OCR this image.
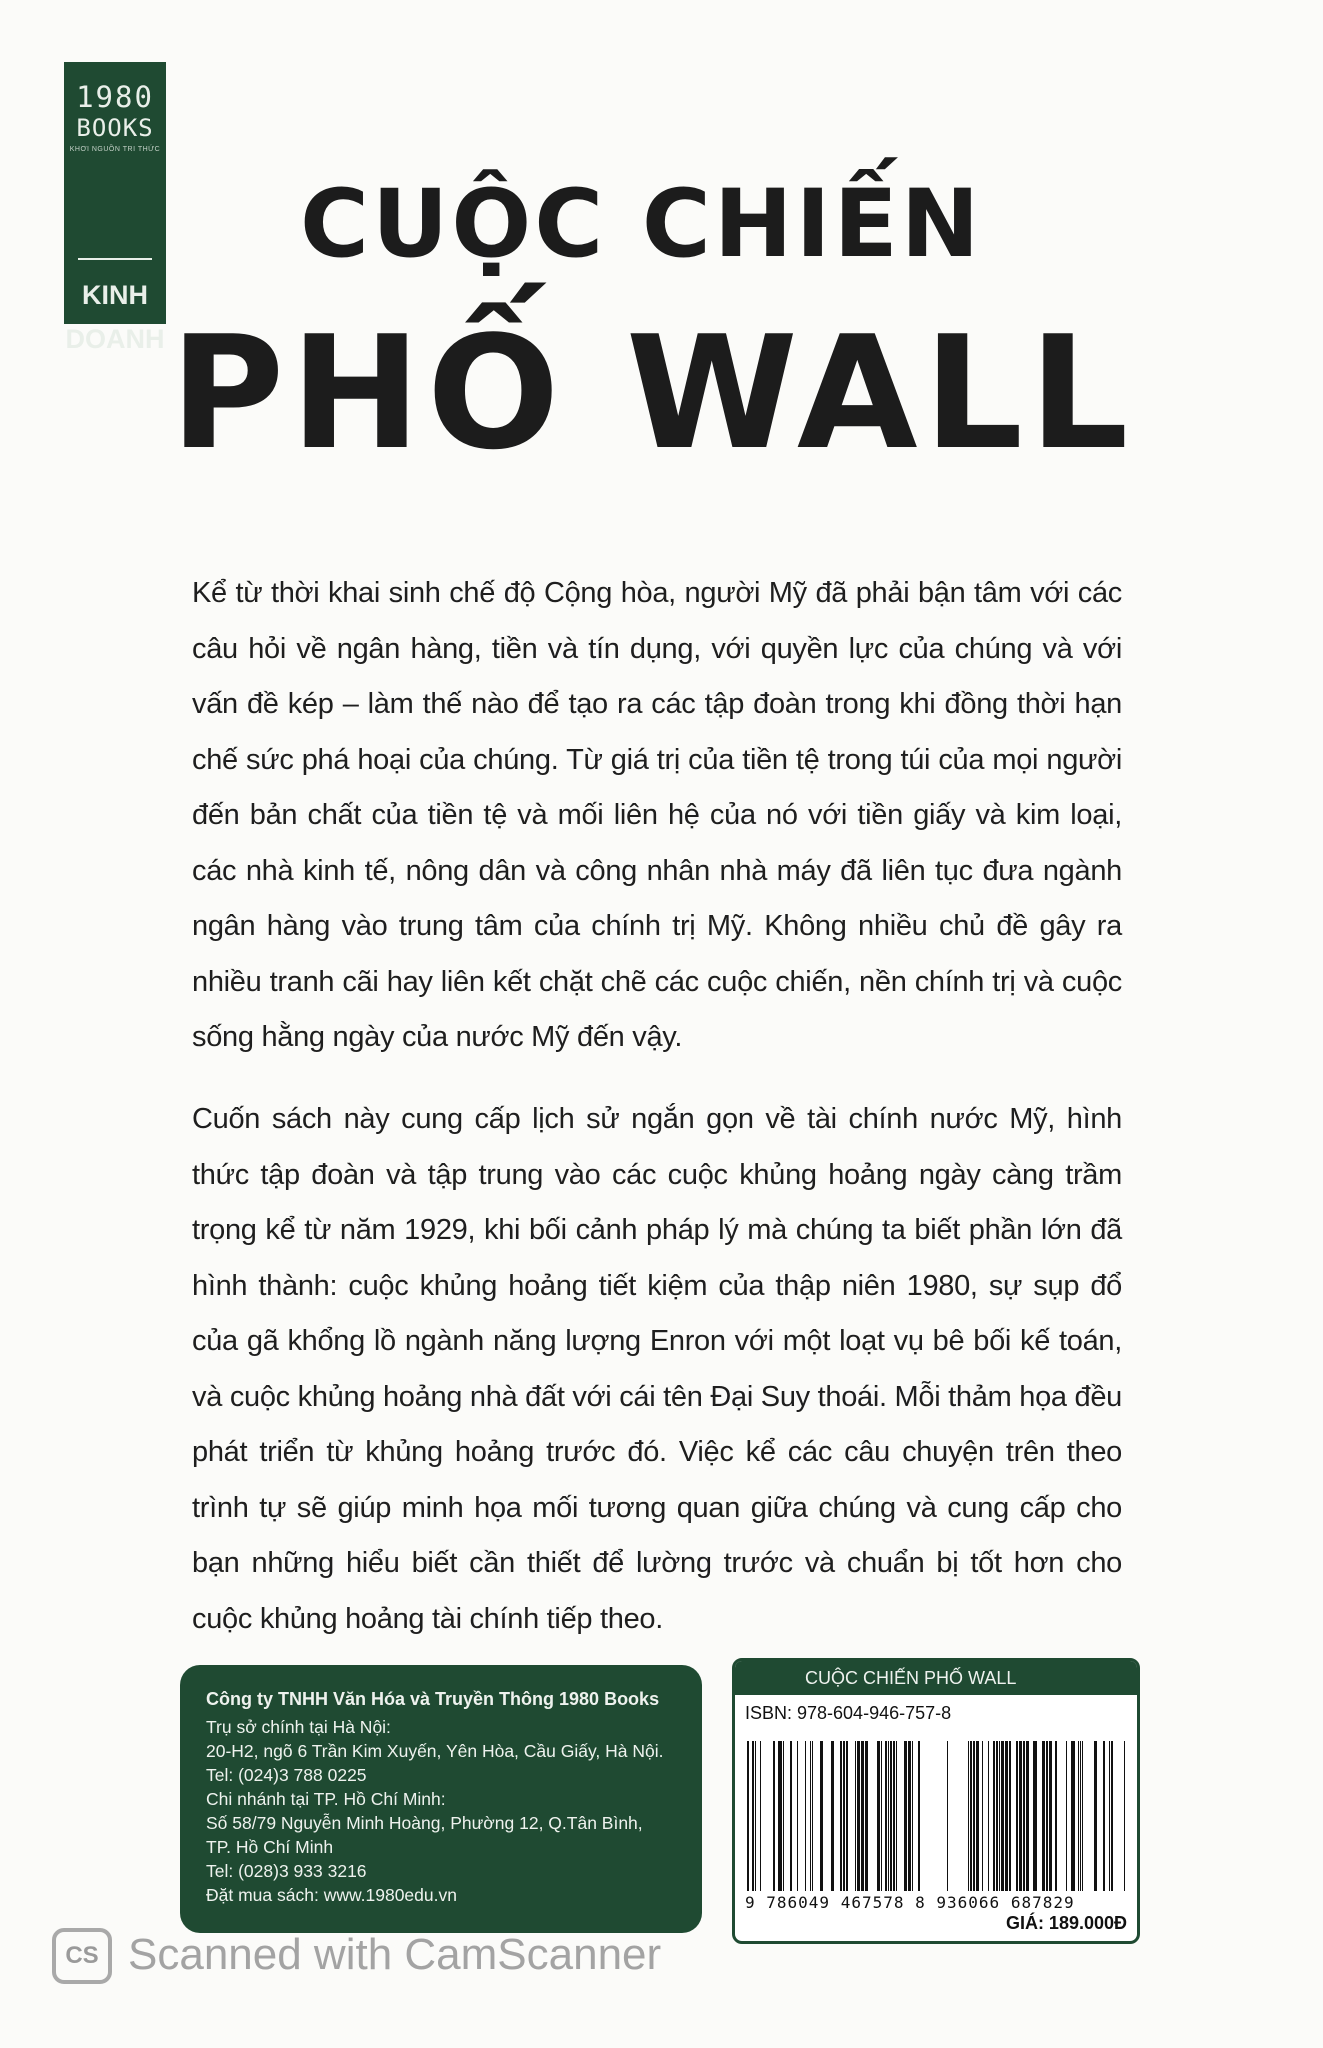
1980
BOOKS
KHƠI NGUỒN TRI THỨC
KINH
DOANH
CUỘC CHIẾN
PHỐ WALL
Kể từ thời khai sinh chế độ Cộng hòa, người Mỹ đã phải bận tâm với các câu hỏi về ngân hàng, tiền và tín dụng, với quyền lực của chúng và với vấn đề kép – làm thế nào để tạo ra các tập đoàn trong khi đồng thời hạn chế sức phá hoại của chúng. Từ giá trị của tiền tệ trong túi của mọi người đến bản chất của tiền tệ và mối liên hệ của nó với tiền giấy và kim loại, các nhà kinh tế, nông dân và công nhân nhà máy đã liên tục đưa ngành ngân hàng vào trung tâm của chính trị Mỹ. Không nhiều chủ đề gây ra nhiều tranh cãi hay liên kết chặt chẽ các cuộc chiến, nền chính trị và cuộc sống hằng ngày của nước Mỹ đến vậy.
Cuốn sách này cung cấp lịch sử ngắn gọn về tài chính nước Mỹ, hình thức tập đoàn và tập trung vào các cuộc khủng hoảng ngày càng trầm trọng kể từ năm 1929, khi bối cảnh pháp lý mà chúng ta biết phần lớn đã hình thành: cuộc khủng hoảng tiết kiệm của thập niên 1980, sự sụp đổ của gã khổng lồ ngành năng lượng Enron với một loạt vụ bê bối kế toán, và cuộc khủng hoảng nhà đất với cái tên Đại Suy thoái. Mỗi thảm họa đều phát triển từ khủng hoảng trước đó. Việc kể các câu chuyện trên theo trình tự sẽ giúp minh họa mối tương quan giữa chúng và cung cấp cho bạn những hiểu biết cần thiết để lường trước và chuẩn bị tốt hơn cho cuộc khủng hoảng tài chính tiếp theo.
Công ty TNHH Văn Hóa và Truyền Thông 1980 Books
Trụ sở chính tại Hà Nội:
20-H2, ngõ 6 Trần Kim Xuyến, Yên Hòa, Cầu Giấy, Hà Nội.
Tel: (024)3 788 0225
Chi nhánh tại TP. Hồ Chí Minh:
Số 58/79 Nguyễn Minh Hoàng, Phường 12, Q.Tân Bình,
TP. Hồ Chí Minh
Tel: (028)3 933 3216
Đặt mua sách: www.1980edu.vn
CUỘC CHIẾN PHỐ WALL
ISBN: 978-604-946-757-8
9 786049 467578 8 936066 687829
GIÁ: 189.000Đ
CS Scanned with CamScanner
